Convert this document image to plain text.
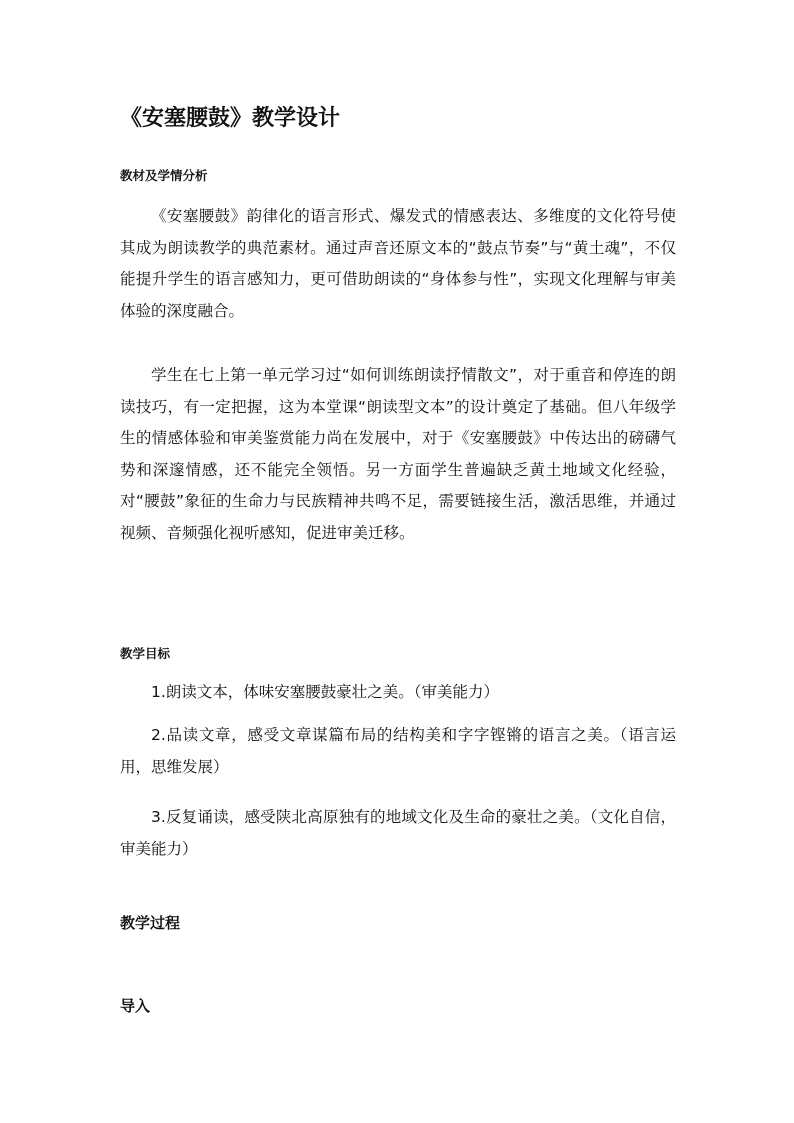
《安塞腰鼓》教学设计
教材及学情分析

《安塞腰鼓》韵律化的语言形式、爆发式的情感表达、多维度的文化符号使其成为朗读教学的典范素材。通过声音还原文本的“鼓点节奏”与“黄土魂”，不仅能提升学生的语言感知力，更可借助朗读的“身体参与性”，实现文化理解与审美体验的深度融合。

学生在七上第一单元学习过“如何训练朗读抒情散文”，对于重音和停连的朗读技巧，有一定把握，这为本堂课“朗读型文本”的设计奠定了基础。但八年级学生的情感体验和审美鉴赏能力尚在发展中，对于《安塞腰鼓》中传达出的磅礴气势和深邃情感，还不能完全领悟。另一方面学生普遍缺乏黄土地域文化经验，对“腰鼓”象征的生命力与民族精神共鸣不足，需要链接生活，激活思维，并通过视频、音频强化视听感知，促进审美迁移。

教学目标

1.朗读文本，体味安塞腰鼓豪壮之美。（审美能力）

2.品读文章，感受文章谋篇布局的结构美和字字铿锵的语言之美。（语言运用，思维发展）

3.反复诵读，感受陕北高原独有的地域文化及生命的豪壮之美。（文化自信，审美能力）

教学过程
导入
